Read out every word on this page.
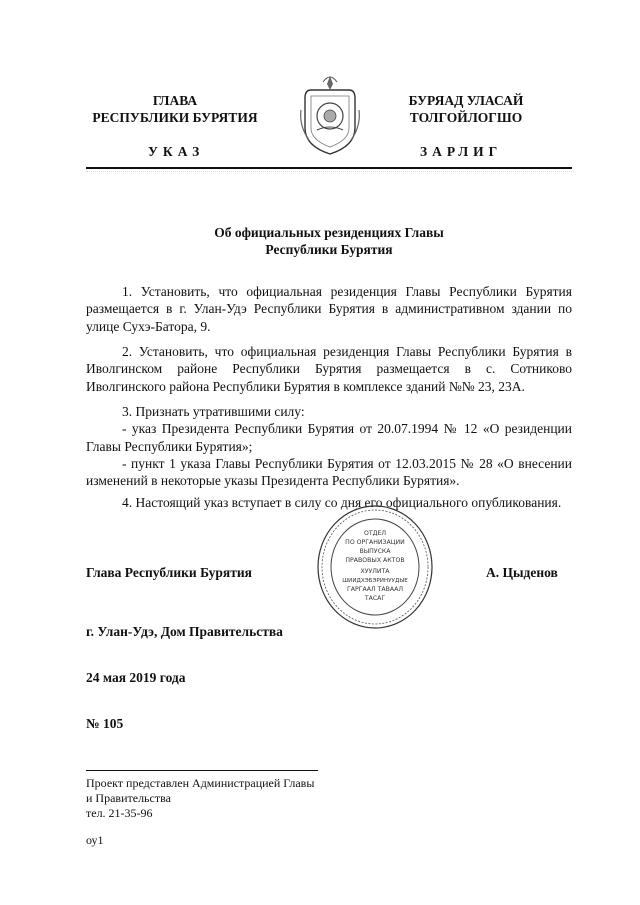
ГЛАВА
РЕСПУБЛИКИ БУРЯТИЯ
БУРЯАД УЛАСАЙ
ТОЛГОЙЛОГШО
УКАЗ	ЗАРЛИГ
Об официальных резиденциях Главы
Республики Бурятия
1. Установить, что официальная резиденция Главы Республики Бурятия размещается в г. Улан-Удэ Республики Бурятия в административном здании по улице Сухэ-Батора, 9.
2. Установить, что официальная резиденция Главы Республики Бурятия в Иволгинском районе Республики Бурятия размещается в с. Сотниково Иволгинского района Республики Бурятия в комплексе зданий №№ 23, 23А.
3. Признать утратившими силу:
- указ Президента Республики Бурятия от 20.07.1994 № 12 «О резиденции Главы Республики Бурятия»;
- пункт 1 указа Главы Республики Бурятия от 12.03.2015 № 28 «О внесении изменений в некоторые указы Президента Республики Бурятия».
4. Настоящий указ вступает в силу со дня его официального опубликования.
ОТДЕЛ
ПО ОРГАНИЗАЦИИ
ВЫПУСКА
ПРАВОВЫХ АКТОВ
ХУУЛИТА
ШИИДХЭБЭРИНУУДЫЕ
ГАРГААЛ ТАВААЛ
ТАСАГ
Глава Республики Бурятия	А. Цыденов
г. Улан-Удэ, Дом Правительства
24 мая 2019 года
№ 105
Проект представлен Администрацией Главы
и Правительства
тел. 21-35-96
оу1
